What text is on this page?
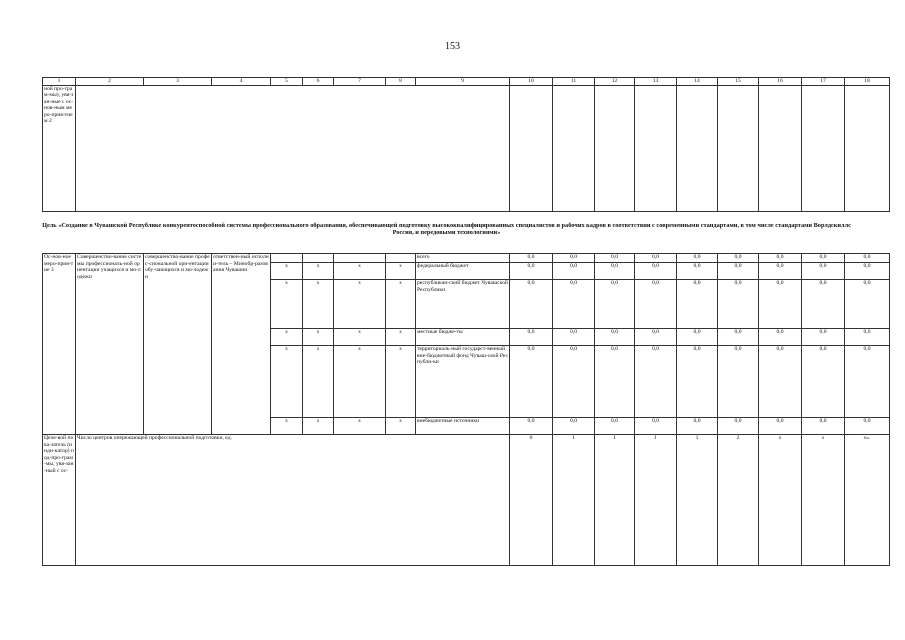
153
1	2	3	4	5	6	7	8	9	10	11	12	13	14	15	16	17	18
ной про-грам-мы), увя-зан-ные с ос-нов-ным меро-прия-тием 2																	
Цель «Создание в Чувашской Республике конкурентоспособной системы профессионального образования, обеспечивающей подготовку высококвалифицированных специалистов и рабочих кадров в соответствии с современными стандартами, в том числе стандартами Ворлдскиллс Россия, и передовыми технологиями»
Ос-нов-ное меро-прия-тие 3	Совершенство-вание системы профессиональ-ной ориентации учащихся и мо-лодежи	совершенство-вание профес-сиональной ори-ентации обу-чающихся и мо-лодежи	ответствен-ный исполни-тель – Минобр-разования Чувашии					всего	0,0	0,0	0,0	0,0	0,0	0,0	0,0	0,0	0,0
				x	x	x	x	федеральный бюджет	0,0	0,0	0,0	0,0	0,0	0,0	0,0	0,0	0,0
				x	x	x	x	республикан-ский бюджет Чувашской Республики	0,0	0,0	0,0	0,0	0,0	0,0	0,0	0,0	0,0
				x	x	x	x	местные бюдже-ты	0,0	0,0	0,0	0,0	0,0	0,0	0,0	0,0	0,0
				x	x	x	x	территориаль-ный государст-венный вне-бюджетный фонд Чуваш-ской Республи-ки	0,0	0,0	0,0	0,0	0,0	0,0	0,0	0,0	0,0
				x	x	x	x	внебюджетные источники	0,0	0,0	0,0	0,0	0,0	0,0	0,0	0,0	0,0
Целе-вой пока-затель (инди-катор) под-про-грам-мы, увя-зан-ный с ос-	Число центров опережающей профессиональной подготовки, ед.								0	1	1	1	1	2	x	x	x».
